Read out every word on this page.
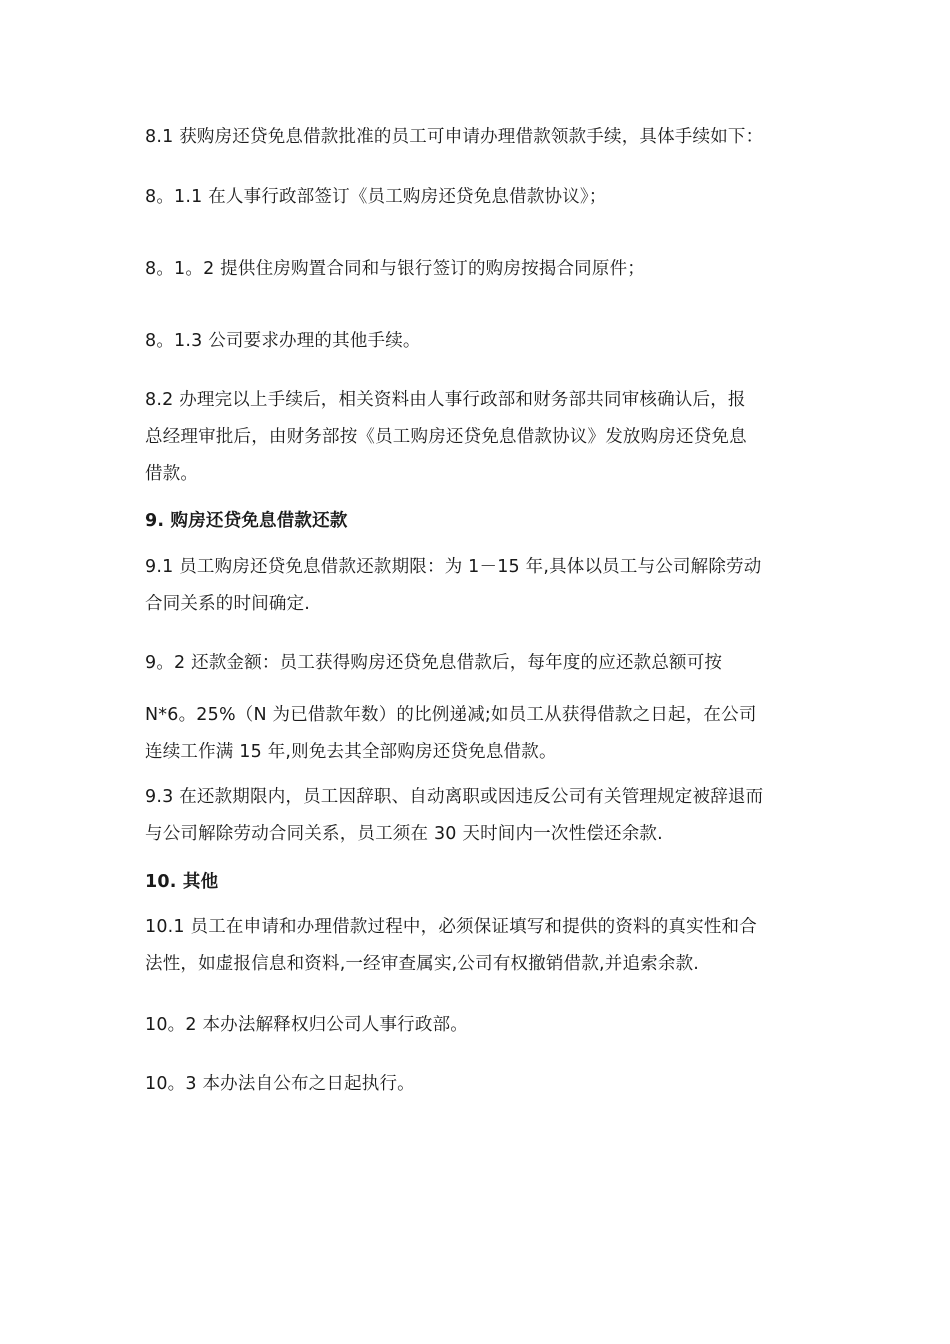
8.1 获购房还贷免息借款批准的员工可申请办理借款领款手续，具体手续如下：
8。1.1 在人事行政部签订《员工购房还贷免息借款协议》；
8。1。2 提供住房购置合同和与银行签订的购房按揭合同原件；
8。1.3 公司要求办理的其他手续。
8.2 办理完以上手续后，相关资料由人事行政部和财务部共同审核确认后，报
总经理审批后，由财务部按《员工购房还贷免息借款协议》发放购房还贷免息
借款。
9. 购房还贷免息借款还款
9.1 员工购房还贷免息借款还款期限：为 1－15 年,具体以员工与公司解除劳动
合同关系的时间确定.
9。2 还款金额：员工获得购房还贷免息借款后，每年度的应还款总额可按
N*6。25%（N 为已借款年数）的比例递减;如员工从获得借款之日起，在公司
连续工作满 15 年,则免去其全部购房还贷免息借款。
9.3 在还款期限内，员工因辞职、自动离职或因违反公司有关管理规定被辞退而
与公司解除劳动合同关系，员工须在 30 天时间内一次性偿还余款.
10. 其他
10.1 员工在申请和办理借款过程中，必须保证填写和提供的资料的真实性和合
法性，如虚报信息和资料,一经审查属实,公司有权撤销借款,并追索余款.
10。2 本办法解释权归公司人事行政部。
10。3 本办法自公布之日起执行。
